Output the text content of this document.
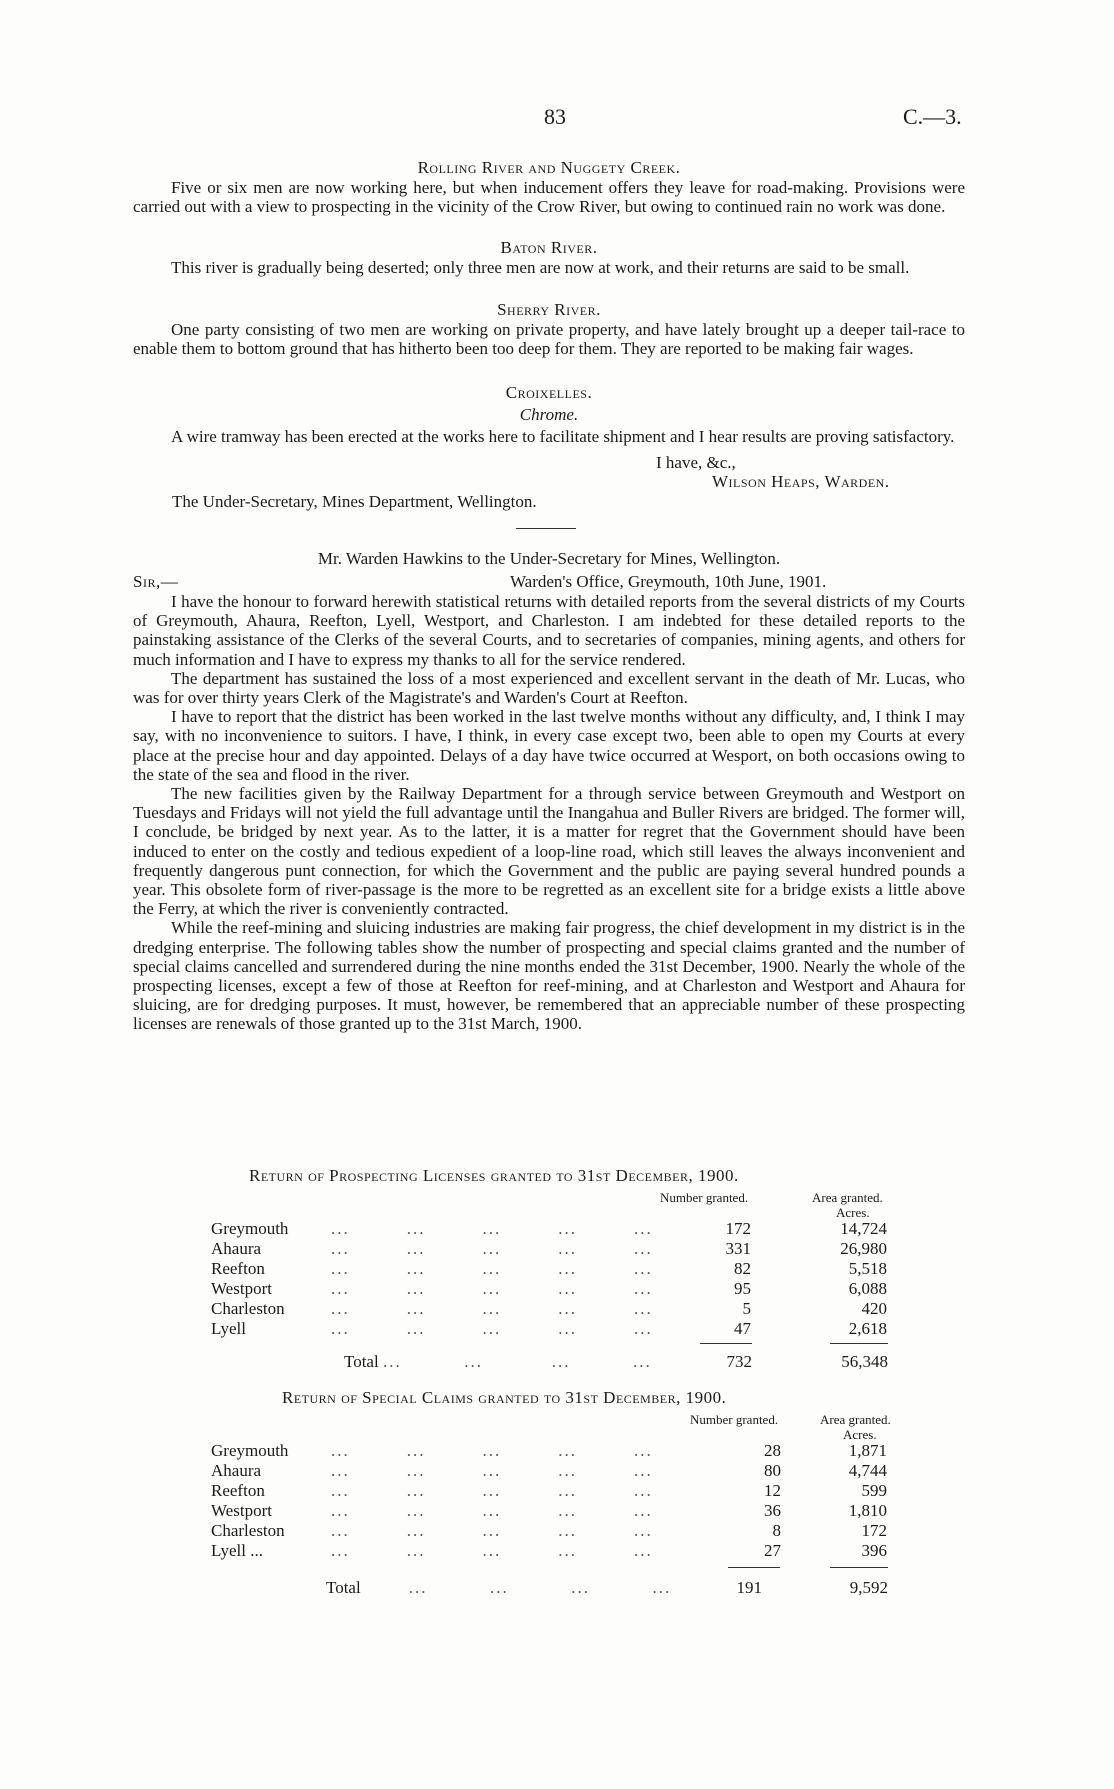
83	C.—3.
Rolling River and Nuggety Creek.

Five or six men are now working here, but when inducement offers they leave for road-making. Provisions were carried out with a view to prospecting in the vicinity of the Crow River, but owing to continued rain no work was done.

Baton River.

This river is gradually being deserted; only three men are now at work, and their returns are said to be small.

Sherry River.

One party consisting of two men are working on private property, and have lately brought up a deeper tail-race to enable them to bottom ground that has hitherto been too deep for them. They are reported to be making fair wages.

Croixelles.
Chrome.

A wire tramway has been erected at the works here to facilitate shipment and I hear results are proving satisfactory.

I have, &c.,
Wilson Heaps, Warden.
The Under-Secretary, Mines Department, Wellington.
Mr. Warden Hawkins to the Under-Secretary for Mines, Wellington.
Sir,—	Warden's Office, Greymouth, 10th June, 1901.

I have the honour to forward herewith statistical returns with detailed reports from the several districts of my Courts of Greymouth, Ahaura, Reefton, Lyell, Westport, and Charleston. I am indebted for these detailed reports to the painstaking assistance of the Clerks of the several Courts, and to secretaries of companies, mining agents, and others for much information and I have to express my thanks to all for the service rendered.

The department has sustained the loss of a most experienced and excellent servant in the death of Mr. Lucas, who was for over thirty years Clerk of the Magistrate's and Warden's Court at Reefton.

I have to report that the district has been worked in the last twelve months without any difficulty, and, I think I may say, with no inconvenience to suitors. I have, I think, in every case except two, been able to open my Courts at every place at the precise hour and day appointed. Delays of a day have twice occurred at Wesport, on both occasions owing to the state of the sea and flood in the river.

The new facilities given by the Railway Department for a through service between Greymouth and Westport on Tuesdays and Fridays will not yield the full advantage until the Inangahua and Buller Rivers are bridged. The former will, I conclude, be bridged by next year. As to the latter, it is a matter for regret that the Government should have been induced to enter on the costly and tedious expedient of a loop-line road, which still leaves the always inconvenient and frequently dangerous punt connection, for which the Government and the public are paying several hundred pounds a year. This obsolete form of river-passage is the more to be regretted as an excellent site for a bridge exists a little above the Ferry, at which the river is conveniently contracted.

While the reef-mining and sluicing industries are making fair progress, the chief development in my district is in the dredging enterprise. The following tables show the number of prospecting and special claims granted and the number of special claims cancelled and surrendered during the nine months ended the 31st December, 1900. Nearly the whole of the prospecting licenses, except a few of those at Reefton for reef-mining, and at Charleston and Westport and Ahaura for sluicing, are for dredging purposes. It must, however, be remembered that an appreciable number of these prospecting licenses are renewals of those granted up to the 31st March, 1900.

Return of Prospecting Licenses granted to 31st December, 1900.
Number granted.	Area granted.
Acres.
Greymouth	...   ...   ...   ...   ...	172	14,724
Ahaura	...   ...   ...   ...   ...	331	26,980
Reefton	...   ...   ...   ...   ...	82	5,518
Westport	...   ...   ...   ...   ...	95	6,088
Charleston	...   ...   ...   ...   ...	5	420
Lyell	...   ...   ...   ...   ...	47	2,618
Total ...          ...           ...          ...	732	56,348
Return of Special Claims granted to 31st December, 1900.
Number granted.	Area granted.
Acres.
Greymouth	...   ...   ...   ...   ...	28	1,871
Ahaura	...   ...   ...   ...   ...	80	4,744
Reefton	...   ...   ...   ...   ...	12	599
Westport	...   ...   ...   ...   ...	36	1,810
Charleston	...   ...   ...   ...   ...	8	172
Lyell ...	...   ...   ...   ...   ...	27	396
Total        ...          ...          ...          ...	191	9,592
